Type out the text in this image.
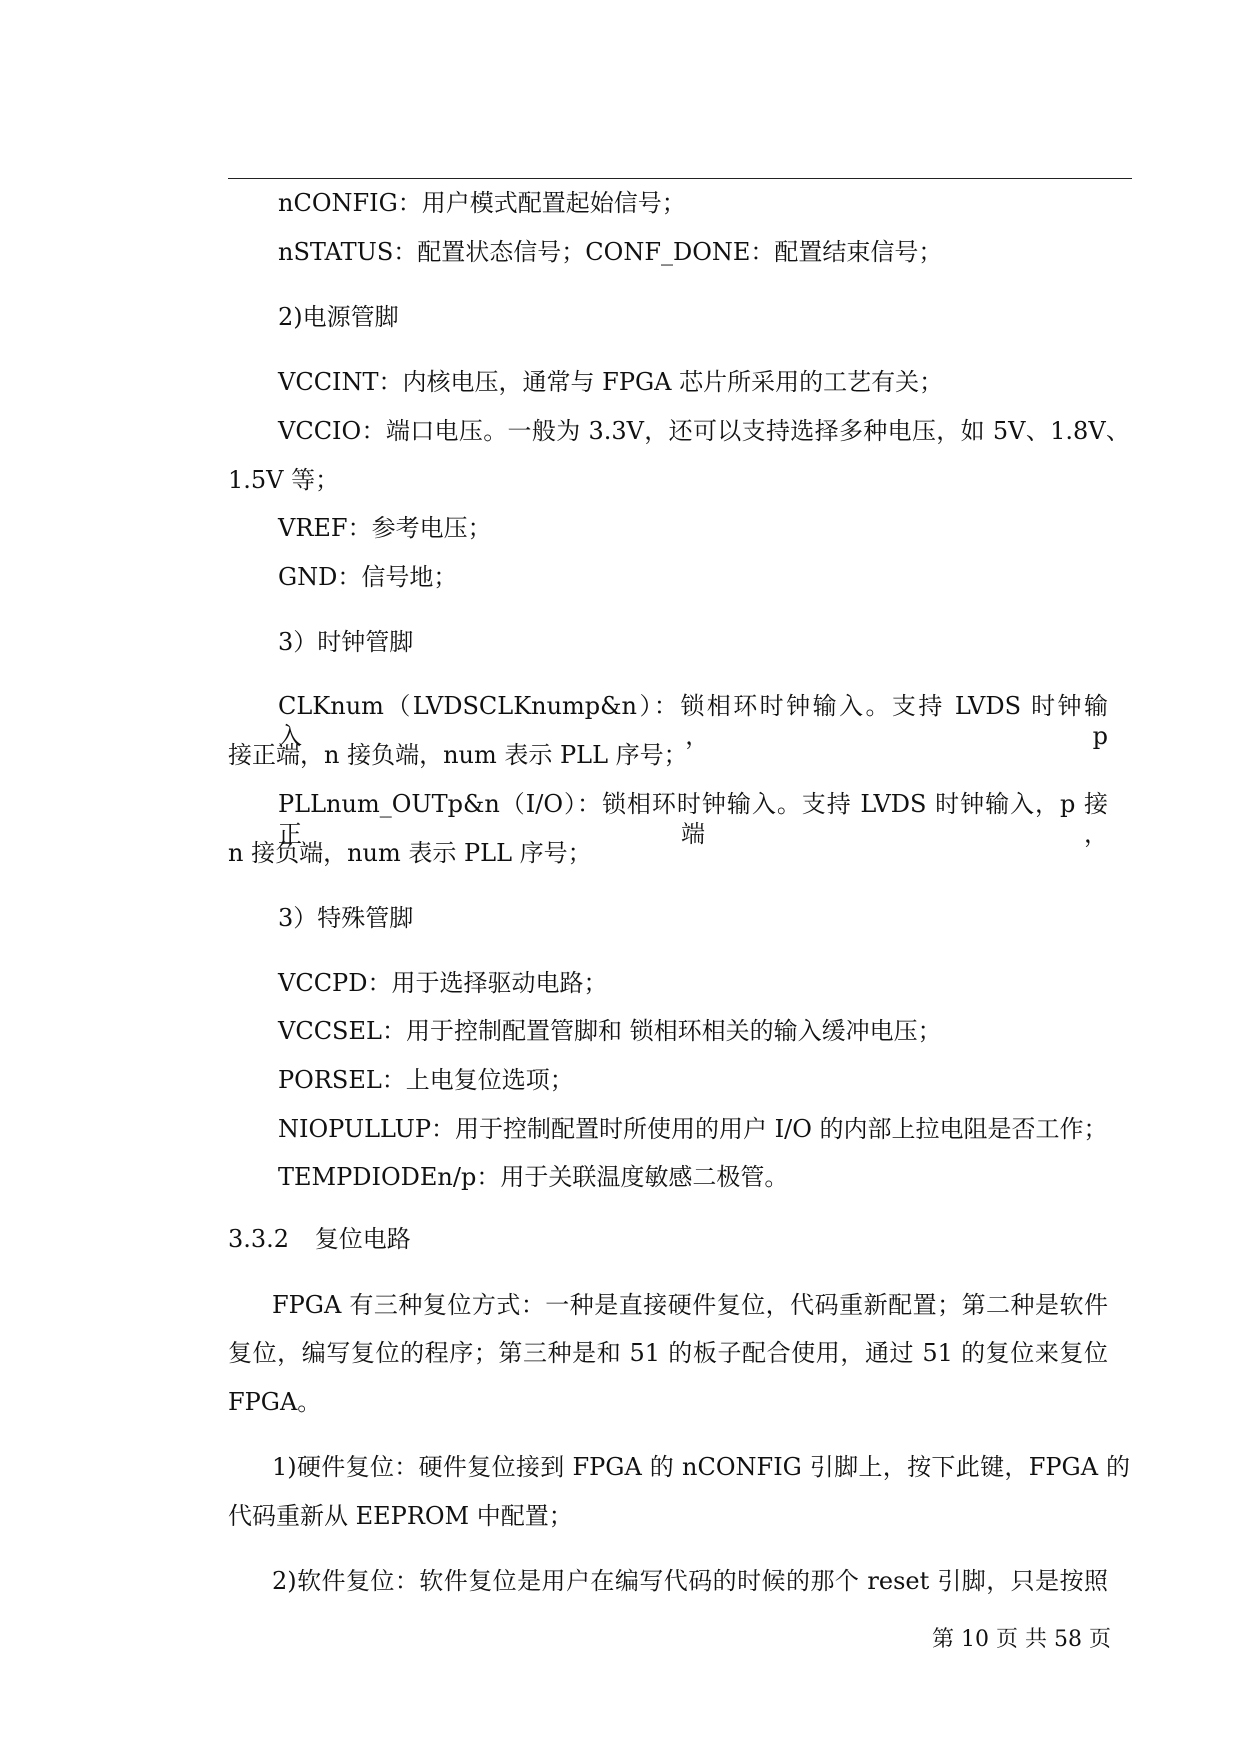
nCONFIG：用户模式配置起始信号；
nSTATUS：配置状态信号；CONF_DONE：配置结束信号；
2)电源管脚
VCCINT：内核电压，通常与 FPGA 芯片所采用的工艺有关；
VCCIO：端口电压。一般为 3.3V，还可以支持选择多种电压，如 5V、1.8V、
1.5V 等；
VREF：参考电压；
GND：信号地；
3）时钟管脚
CLKnum（LVDSCLKnump&n）：锁相环时钟输入。支持 LVDS 时钟输入，p
接正端，n 接负端，num 表示 PLL 序号；
PLLnum_OUTp&n（I/O）：锁相环时钟输入。支持 LVDS 时钟输入，p 接正端，
n 接负端，num 表示 PLL 序号；
3）特殊管脚
VCCPD：用于选择驱动电路；
VCCSEL：用于控制配置管脚和 锁相环相关的输入缓冲电压；
PORSEL：上电复位选项；
NIOPULLUP：用于控制配置时所使用的用户 I/O 的内部上拉电阻是否工作；
TEMPDIODEn/p：用于关联温度敏感二极管。
3.3.2 复位电路
FPGA 有三种复位方式：一种是直接硬件复位，代码重新配置；第二种是软件
复位，编写复位的程序；第三种是和 51 的板子配合使用，通过 51 的复位来复位
FPGA。
1)硬件复位：硬件复位接到 FPGA 的 nCONFIG 引脚上，按下此键，FPGA 的
代码重新从 EEPROM 中配置；
2)软件复位：软件复位是用户在编写代码的时候的那个 reset 引脚，只是按照
第 10 页 共 58 页
